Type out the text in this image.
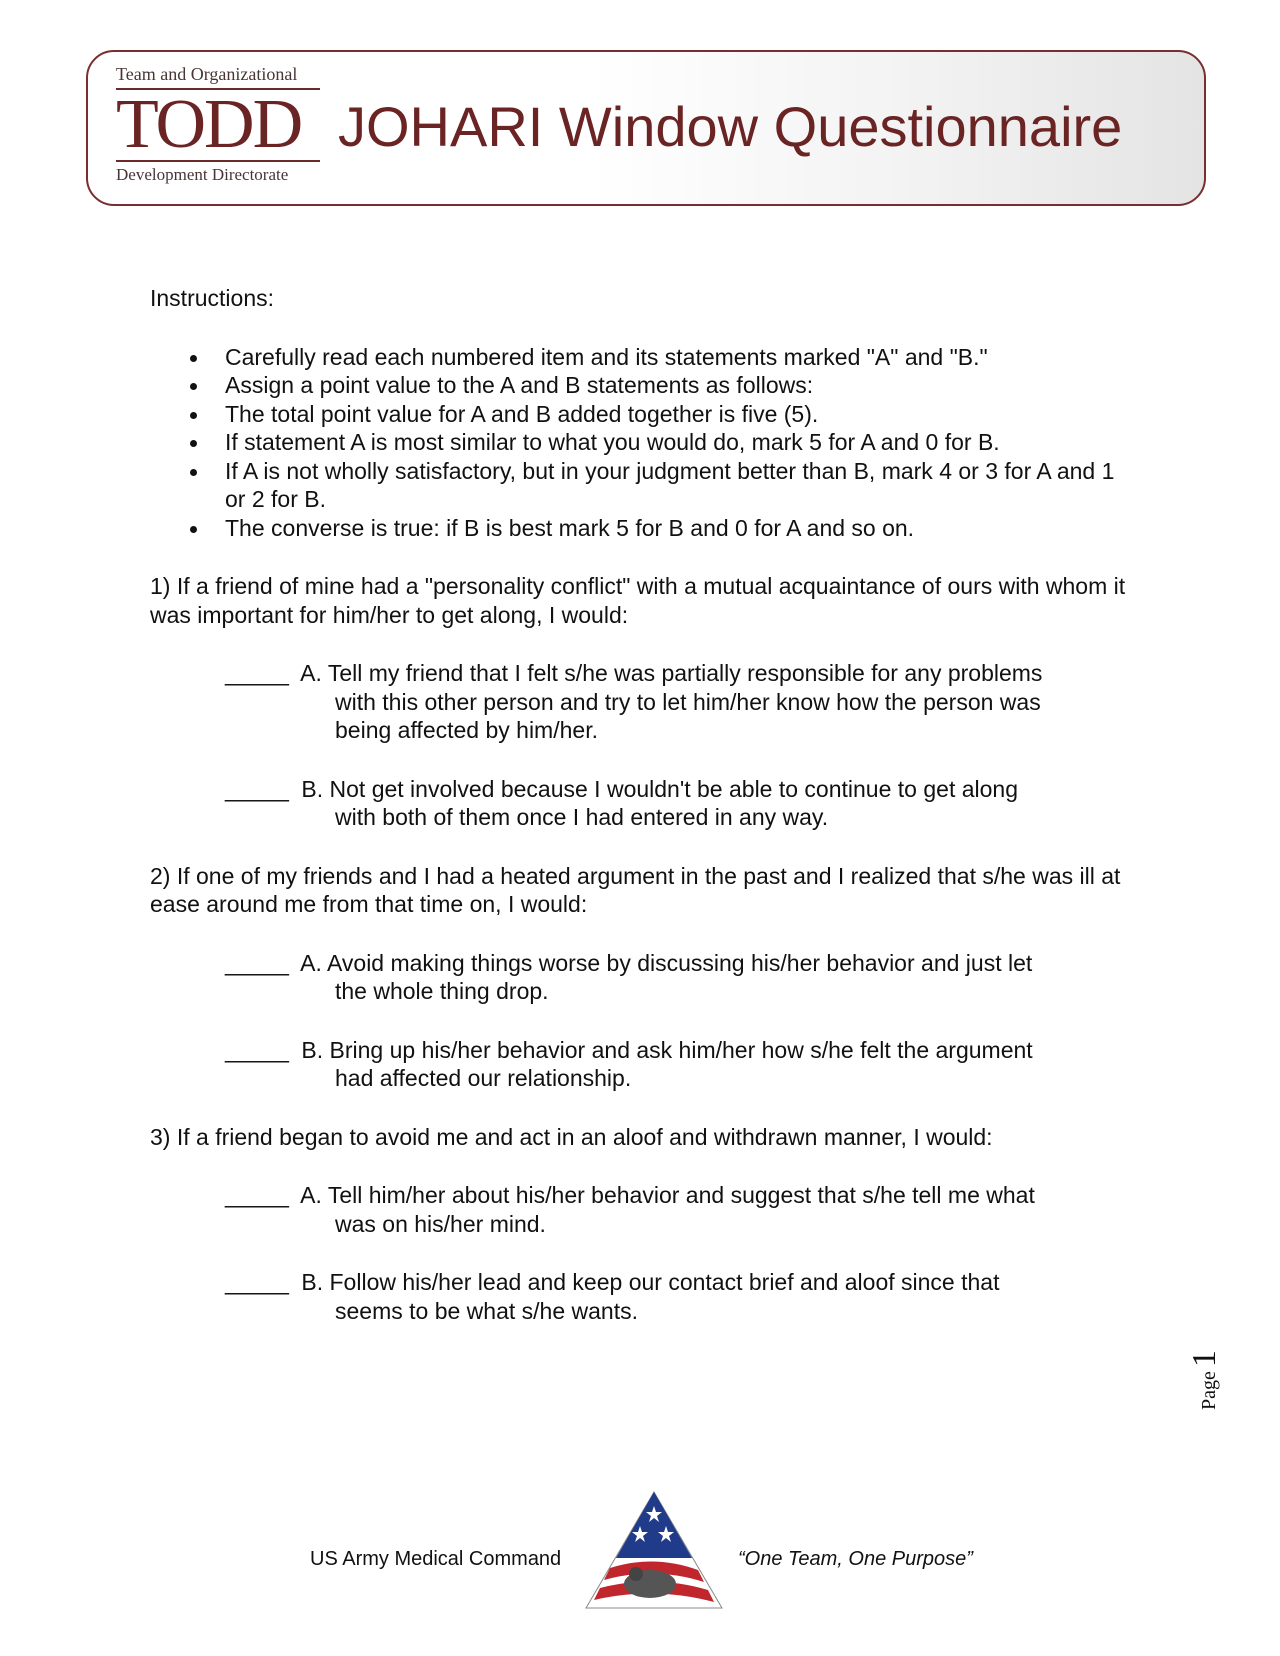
Team and Organizational
TODD
Development Directorate
JOHARI Window Questionnaire
Instructions:
Carefully read each numbered item and its statements marked "A" and "B."
Assign a point value to the A and B statements as follows:
The total point value for A and B added together is five (5).
If statement A is most similar to what you would do, mark 5 for A and 0 for B.
If A is not wholly satisfactory, but in your judgment better than B, mark 4 or 3 for A and 1 or 2 for B.
The converse is true: if B is best mark 5 for B and 0 for A and so on.
1) If a friend of mine had a "personality conflict" with a mutual acquaintance of ours with whom it was important for him/her to get along, I would:
_____ A. Tell my friend that I felt s/he was partially responsible for any problems
with this other person and try to let him/her know how the person was
being affected by him/her.
_____ B. Not get involved because I wouldn't be able to continue to get along
with both of them once I had entered in any way.
2) If one of my friends and I had a heated argument in the past and I realized that s/he was ill at ease around me from that time on, I would:
_____ A. Avoid making things worse by discussing his/her behavior and just let
the whole thing drop.
_____ B. Bring up his/her behavior and ask him/her how s/he felt the argument
had affected our relationship.
3) If a friend began to avoid me and act in an aloof and withdrawn manner, I would:
_____ A. Tell him/her about his/her behavior and suggest that s/he tell me what
was on his/her mind.
_____ B. Follow his/her lead and keep our contact brief and aloof since that
seems to be what s/he wants.
Page 1
US Army Medical Command	“One Team, One Purpose”
